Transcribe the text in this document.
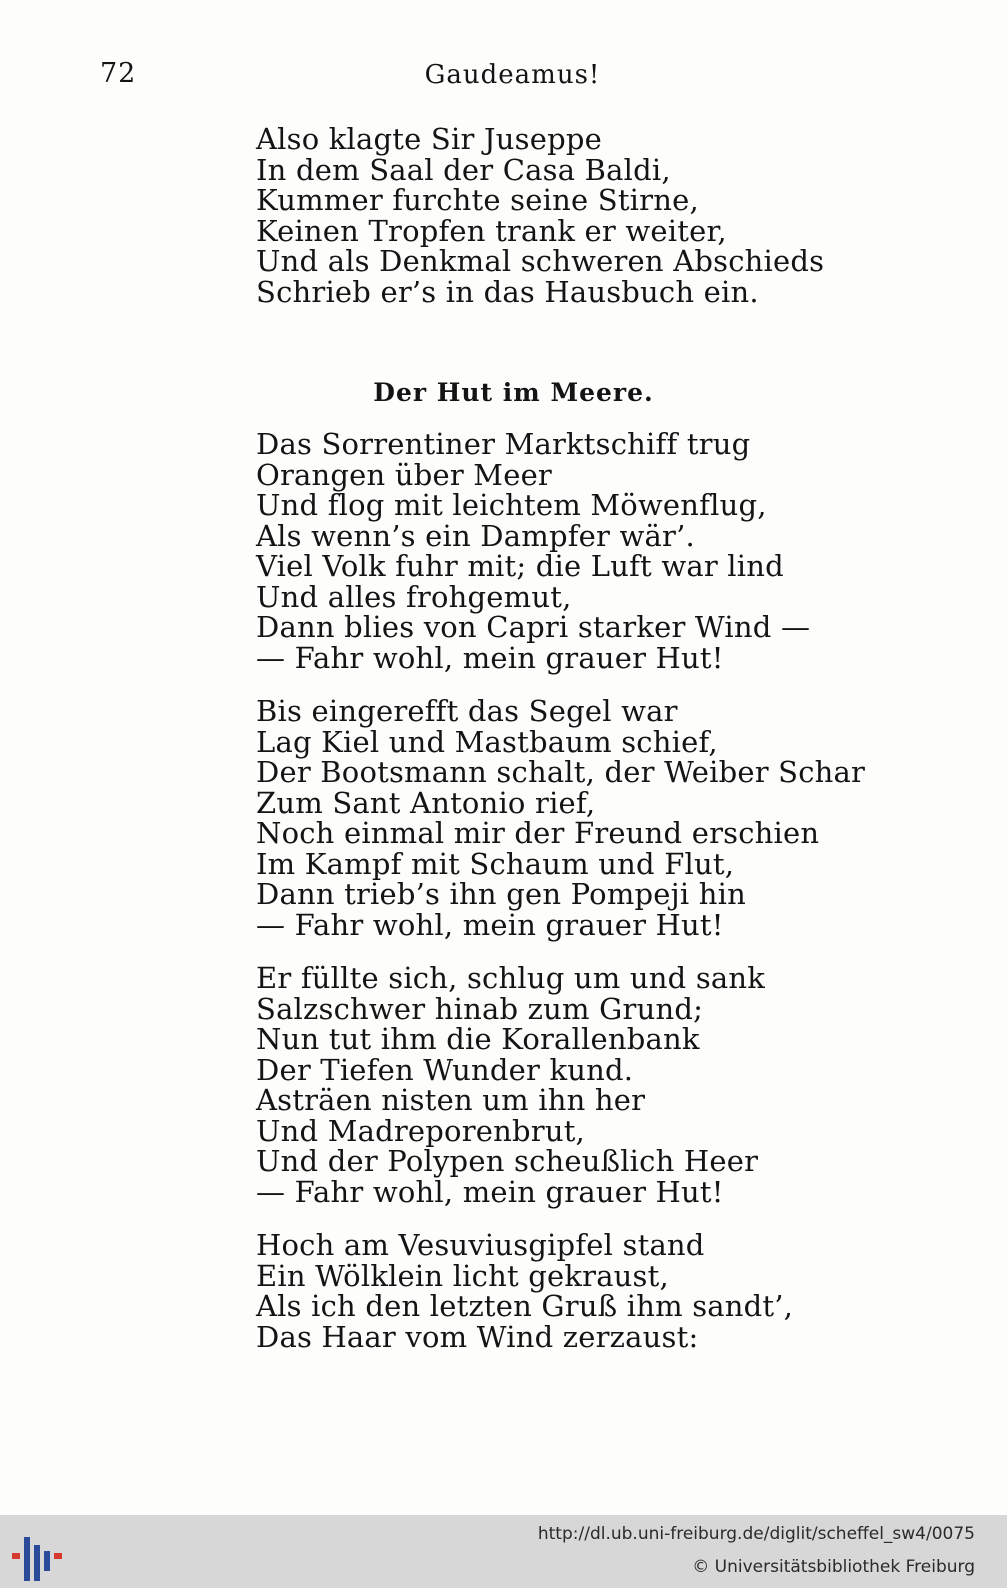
72	Gaudeamus!
Also klagte Sir Juseppe
In dem Saal der Casa Baldi,
Kummer furchte seine Stirne,
Keinen Tropfen trank er weiter,
Und als Denkmal schweren Abschieds
Schrieb er’s in das Hausbuch ein.
Der Hut im Meere.
Das Sorrentiner Marktschiff trug
Orangen über Meer
Und flog mit leichtem Möwenflug,
Als wenn’s ein Dampfer wär’.
Viel Volk fuhr mit; die Luft war lind
Und alles frohgemut,
Dann blies von Capri starker Wind —
— Fahr wohl, mein grauer Hut!
Bis eingerefft das Segel war
Lag Kiel und Mastbaum schief,
Der Bootsmann schalt, der Weiber Schar
Zum Sant Antonio rief,
Noch einmal mir der Freund erschien
Im Kampf mit Schaum und Flut,
Dann trieb’s ihn gen Pompeji hin
— Fahr wohl, mein grauer Hut!
Er füllte sich, schlug um und sank
Salzschwer hinab zum Grund;
Nun tut ihm die Korallenbank
Der Tiefen Wunder kund.
Asträen nisten um ihn her
Und Madreporenbrut,
Und der Polypen scheußlich Heer
— Fahr wohl, mein grauer Hut!
Hoch am Vesuviusgipfel stand
Ein Wölklein licht gekraust,
Als ich den letzten Gruß ihm sandt’,
Das Haar vom Wind zerzaust:
http://dl.ub.uni-freiburg.de/diglit/scheffel_sw4/0075
© Universitätsbibliothek Freiburg
